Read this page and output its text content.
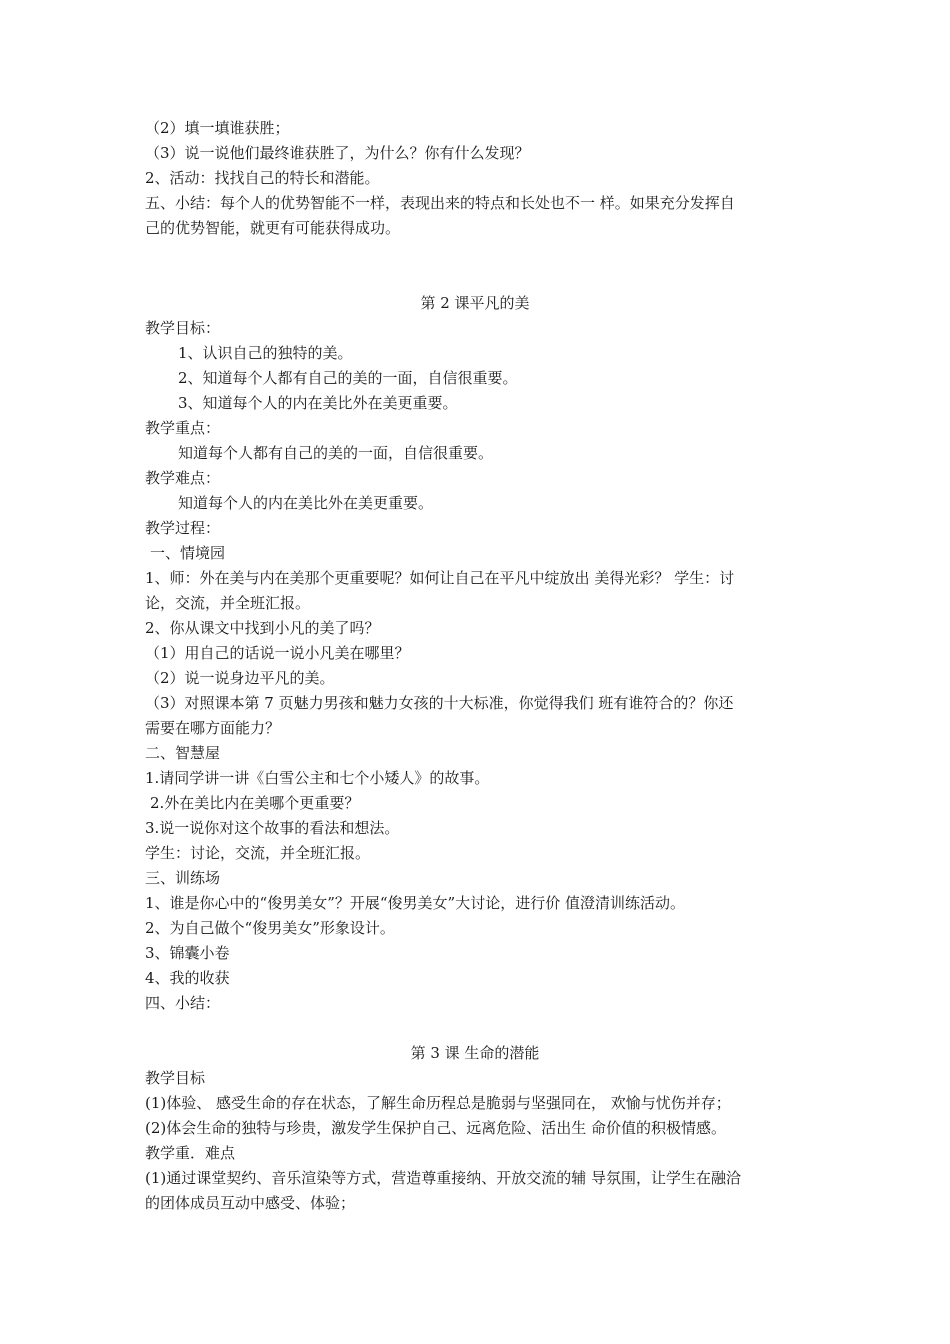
（2）填一填谁获胜；
（3）说一说他们最终谁获胜了，为什么？你有什么发现？
2、活动：找找自己的特长和潜能。
五、小结：每个人的优势智能不一样，表现出来的特点和长处也不一 样。如果充分发挥自
己的优势智能，就更有可能获得成功。
第 2 课平凡的美
教学目标：
1、认识自己的独特的美。
2、知道每个人都有自己的美的一面，自信很重要。
3、知道每个人的内在美比外在美更重要。
教学重点：
知道每个人都有自己的美的一面，自信很重要。
教学难点：
知道每个人的内在美比外在美更重要。
教学过程：
一、情境园
1、师：外在美与内在美那个更重要呢？如何让自己在平凡中绽放出 美得光彩？ 学生：讨
论，交流，并全班汇报。
2、你从课文中找到小凡的美了吗？
（1）用自己的话说一说小凡美在哪里？
（2）说一说身边平凡的美。
（3）对照课本第 7 页魅力男孩和魅力女孩的十大标准，你觉得我们 班有谁符合的？你还
需要在哪方面能力？
二、智慧屋
1.请同学讲一讲《白雪公主和七个小矮人》的故事。
2.外在美比内在美哪个更重要？
3.说一说你对这个故事的看法和想法。
学生：讨论，交流，并全班汇报。
三、训练场
1、谁是你心中的“俊男美女”？开展“俊男美女”大讨论，进行价 值澄清训练活动。
2、为自己做个“俊男美女”形象设计。
3、锦囊小卷
4、我的收获
四、小结：
第 3 课 生命的潜能
教学目标
(1)体验、 感受生命的存在状态，了解生命历程总是脆弱与坚强同在， 欢愉与忧伤并存；
(2)体会生命的独特与珍贵，激发学生保护自己、远离危险、活出生 命价值的积极情感。
教学重．难点
(1)通过课堂契约、音乐渲染等方式，营造尊重接纳、开放交流的辅 导氛围，让学生在融洽
的团体成员互动中感受、体验；
